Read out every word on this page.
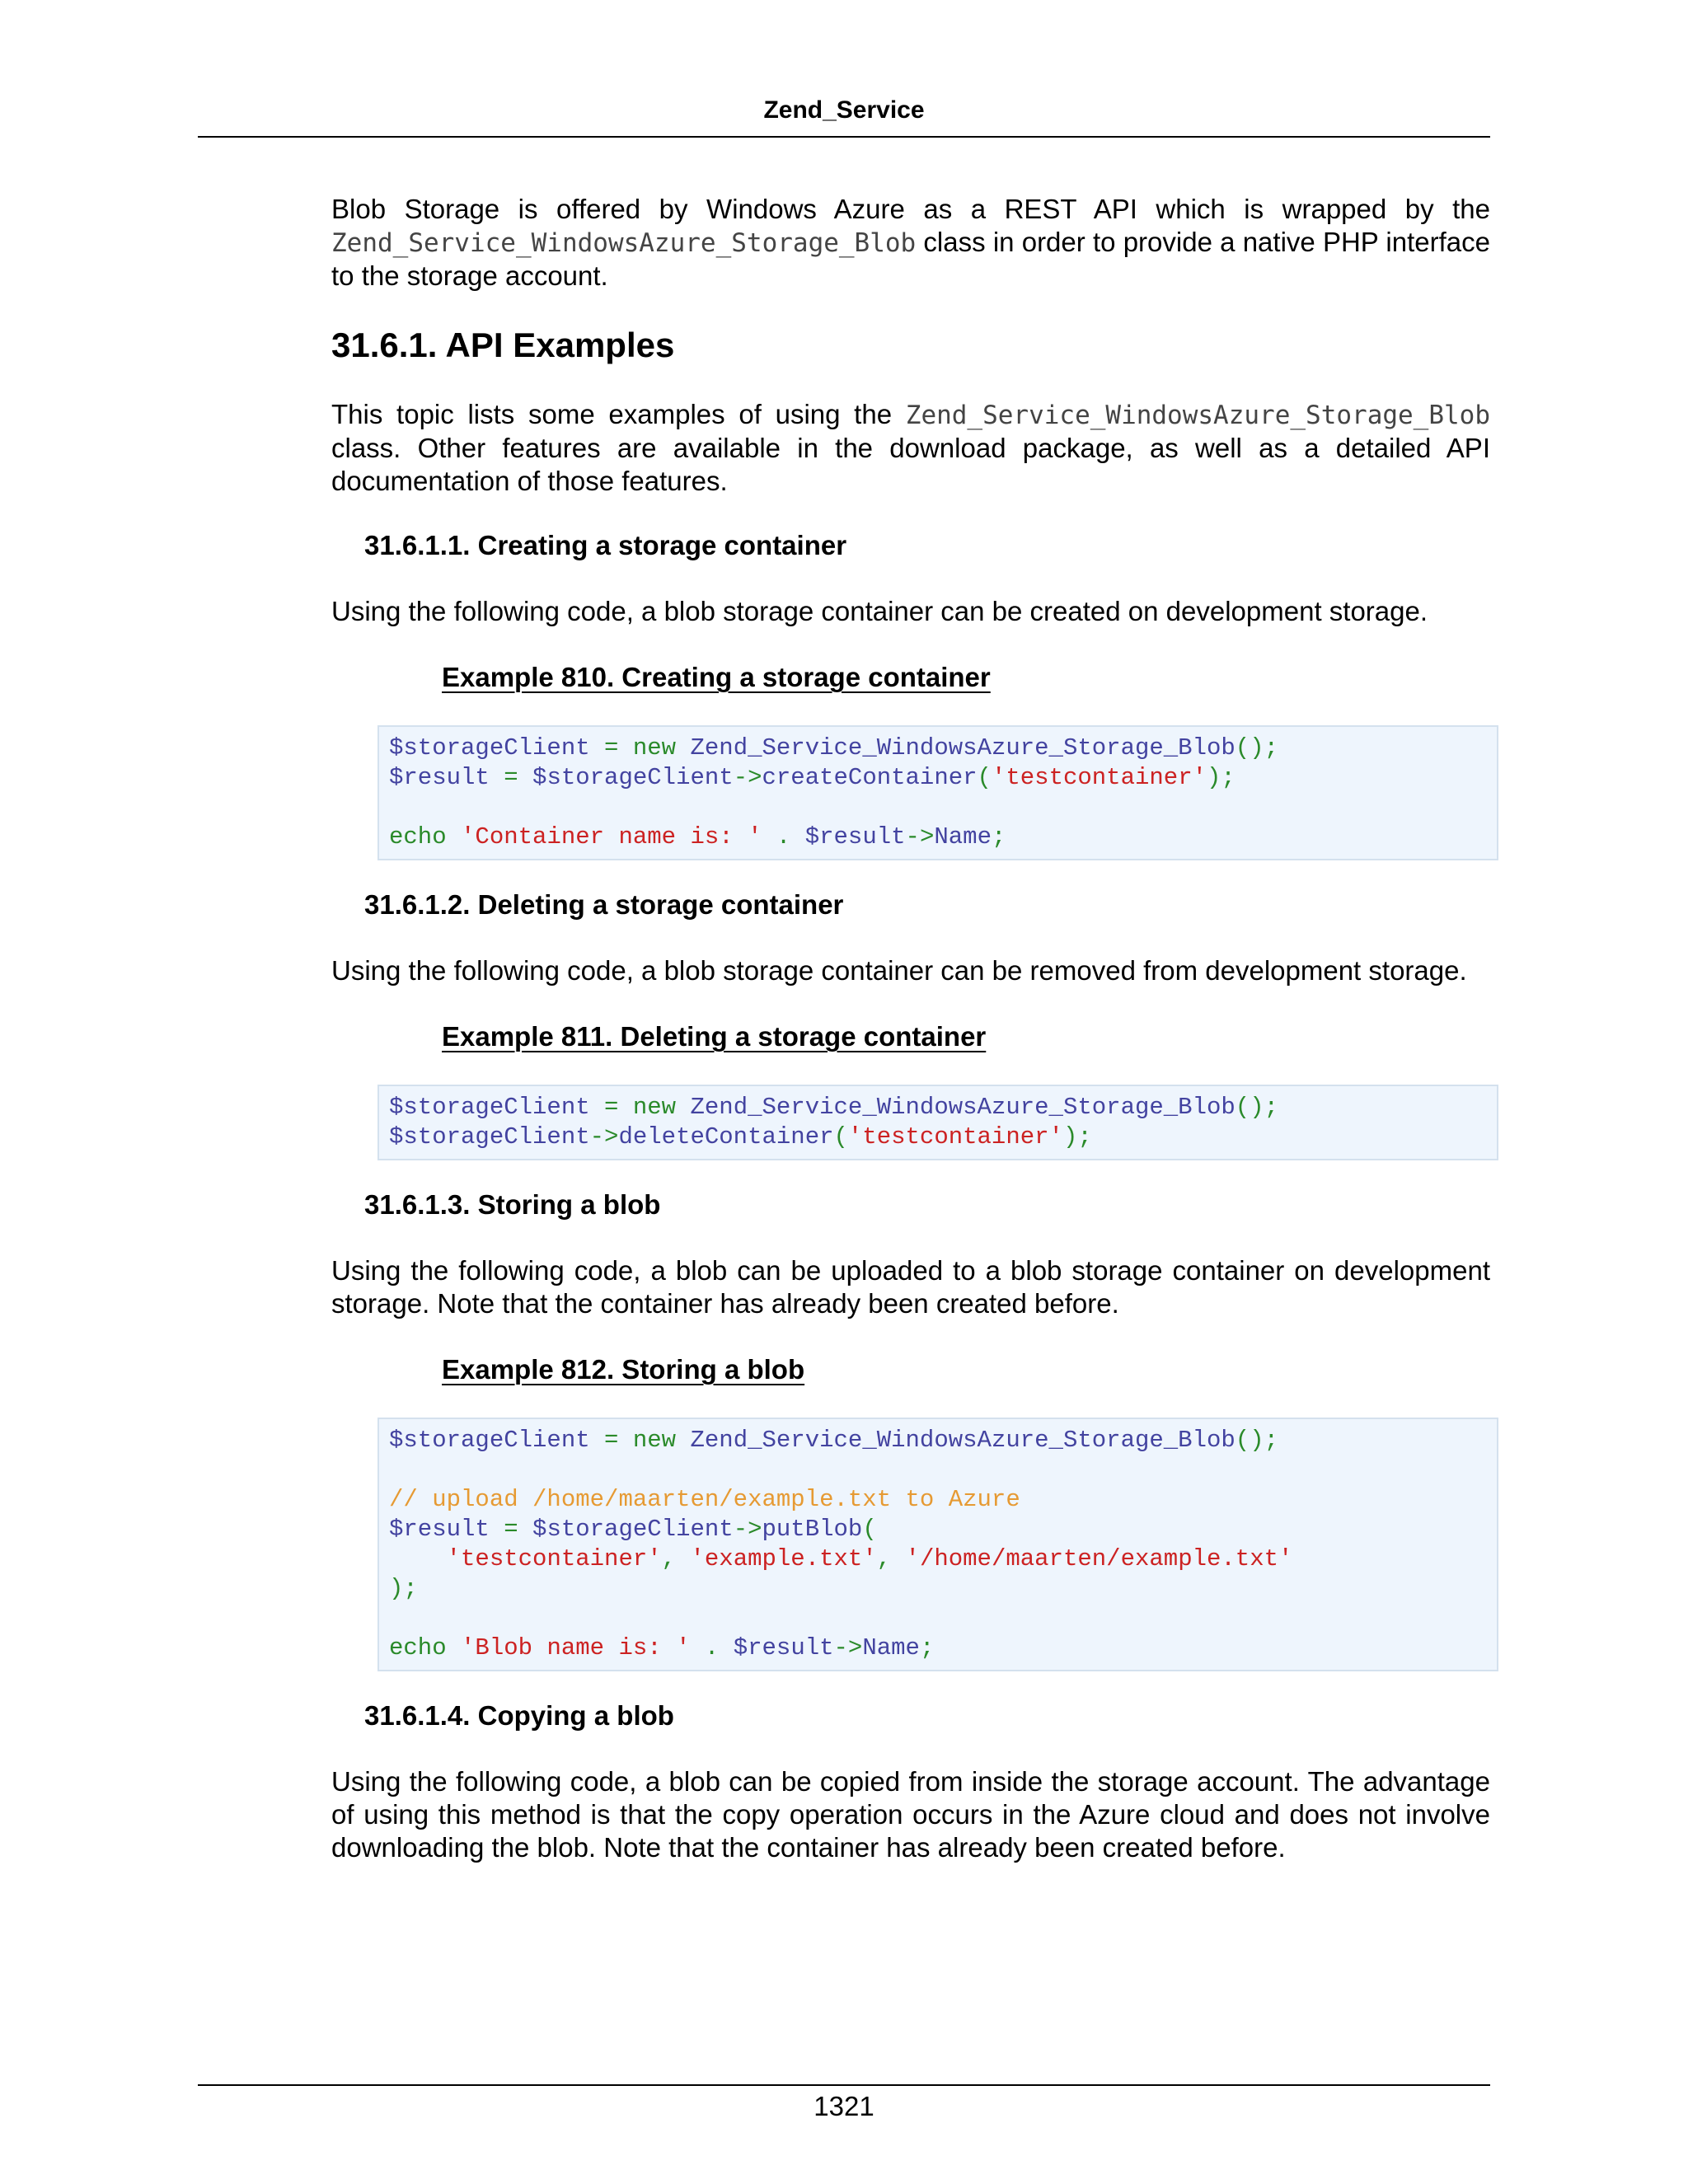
Zend_Service

Blob Storage is offered by Windows Azure as a REST API which is wrapped by the Zend_Service_WindowsAzure_Storage_Blob class in order to provide a native PHP interface to the storage account.

31.6.1. API Examples

This topic lists some examples of using the Zend_Service_WindowsAzure_Storage_Blob class. Other features are available in the download package, as well as a detailed API documentation of those features.

31.6.1.1. Creating a storage container

Using the following code, a blob storage container can be created on development storage.

Example 810. Creating a storage container
$storageClient = new Zend_Service_WindowsAzure_Storage_Blob();
$result = $storageClient->createContainer('testcontainer');
echo 'Container name is: ' . $result->Name;
31.6.1.2. Deleting a storage container

Using the following code, a blob storage container can be removed from development storage.

Example 811. Deleting a storage container
$storageClient = new Zend_Service_WindowsAzure_Storage_Blob();
$storageClient->deleteContainer('testcontainer');
31.6.1.3. Storing a blob

Using the following code, a blob can be uploaded to a blob storage container on development storage. Note that the container has already been created before.

Example 812. Storing a blob
$storageClient = new Zend_Service_WindowsAzure_Storage_Blob();
// upload /home/maarten/example.txt to Azure
$result = $storageClient->putBlob(
'testcontainer', 'example.txt', '/home/maarten/example.txt'
);
echo 'Blob name is: ' . $result->Name;
31.6.1.4. Copying a blob

Using the following code, a blob can be copied from inside the storage account. The advantage of using this method is that the copy operation occurs in the Azure cloud and does not involve downloading the blob. Note that the container has already been created before.

1321
